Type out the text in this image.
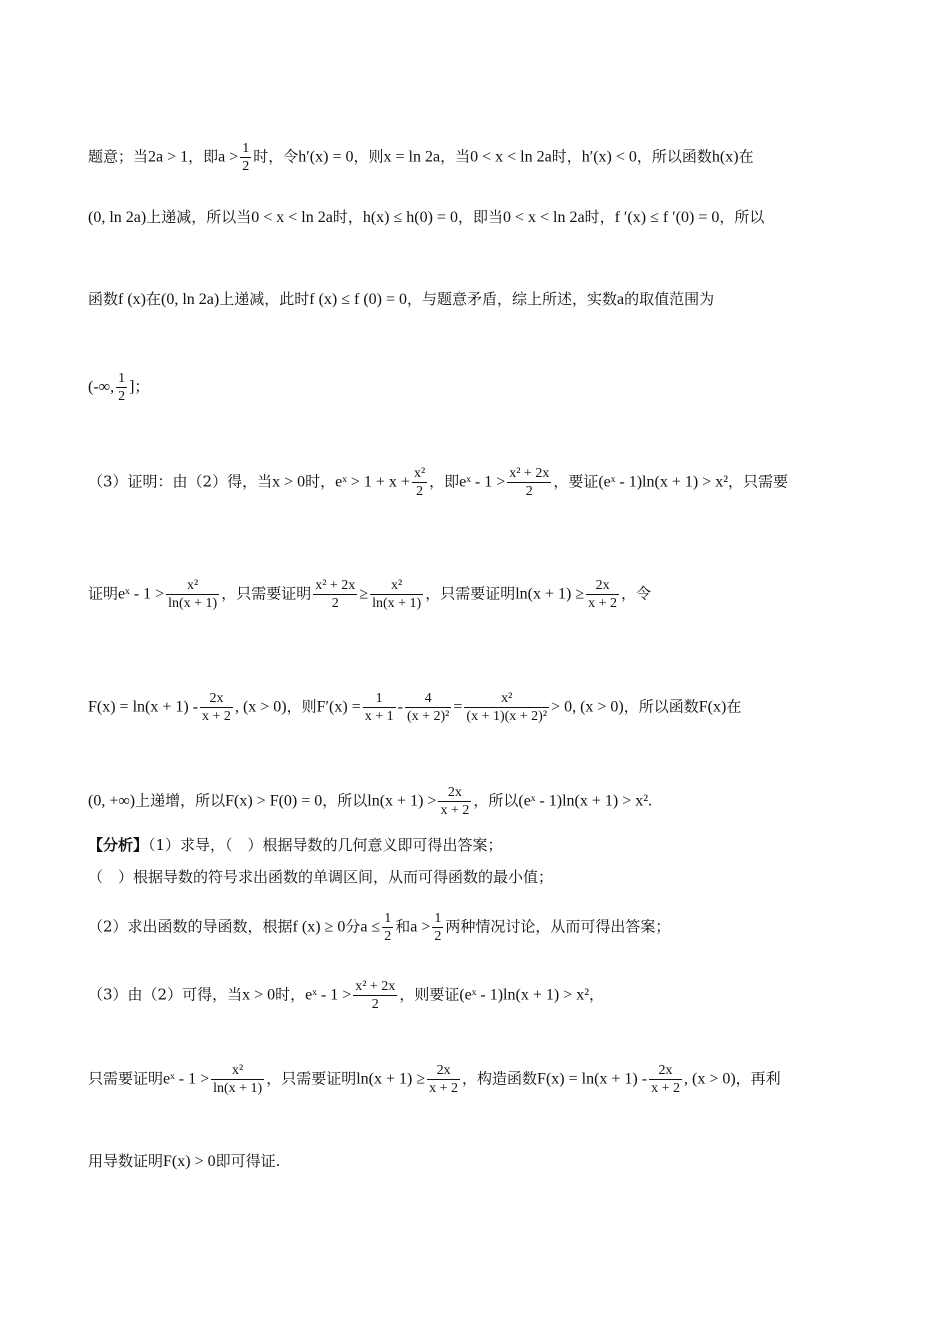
题意；当2a > 1，即$a > \frac{1}{2}$ 时，令h′(x) = 0，则x = ln 2a，当0 < x < ln 2a时，h′(x) < 0，所以函数h(x)在
(0, ln 2a)上递减，所以当0 < x < ln 2a时，h(x) ≤ h(0) = 0，即当0 < x < ln 2a时，f ′(x) ≤ f ′(0) = 0，所以
函数f (x)在(0, ln 2a)上递减，此时f (x) ≤ f (0) = 0，与题意矛盾，综上所述，实数a的取值范围为
(-∞, $\frac{1}{2}$ ]；
（3）证明：由（2）得，当x > 0时，eˣ > $1 + x + \frac{\text{x²}}{2}$ ，即eˣ - $1 > \frac{\text{x² + 2x}}{2}$ ，要证(eˣ - 1)ln(x + 1) > x²，只需要
证明eˣ - $1 > \frac{\text{x²}}{\ln(x + 1)}$ ，只需要证明 $\frac{\text{x² + 2x}}{2} \ge \frac{\text{x²}}{\ln(x + 1)}$ ，只需要证明$\ln(x + 1) \ge \frac{2x}{x + 2}$ ，令
$F(x) = \ln(x + 1) - \frac{2x}{x + 2}$ , (x > 0)，则$F'(x) = \frac{1}{x + 1} - \frac{4}{\text{(x + 2)²}} = \frac{\text{x²}}{\text{(x + 1)(x + 2)²}} > 0$, (x > 0)，所以函数F(x)在
(0, +∞)上递增，所以F(x) > F(0) = 0，所以$\ln(x + 1) > \frac{2x}{x + 2}$ ，所以(eˣ - 1)ln(x + 1) > x².
【分析】（1）求导，（　）根据导数的几何意义即可得出答案；
（　）根据导数的符号求出函数的单调区间，从而可得函数的最小值；
（2）求出函数的导函数，根据f (x) ≥ 0分$a \le \frac{1}{2}$ 和$a > \frac{1}{2}$ 两种情况讨论，从而可得出答案；
（3）由（2）可得，当x > 0时，eˣ - $1 > \frac{\text{x² + 2x}}{2}$ ，则要证(eˣ - 1)ln(x + 1) > x²，
只需要证明eˣ - $1 > \frac{\text{x²}}{\ln(x + 1)}$ ，只需要证明$\ln(x + 1) \ge \frac{2x}{x + 2}$ ，构造函数$F(x) = \ln(x + 1) - \frac{2x}{x + 2}$ , (x > 0)，再利
用导数证明F(x) > 0即可得证.
